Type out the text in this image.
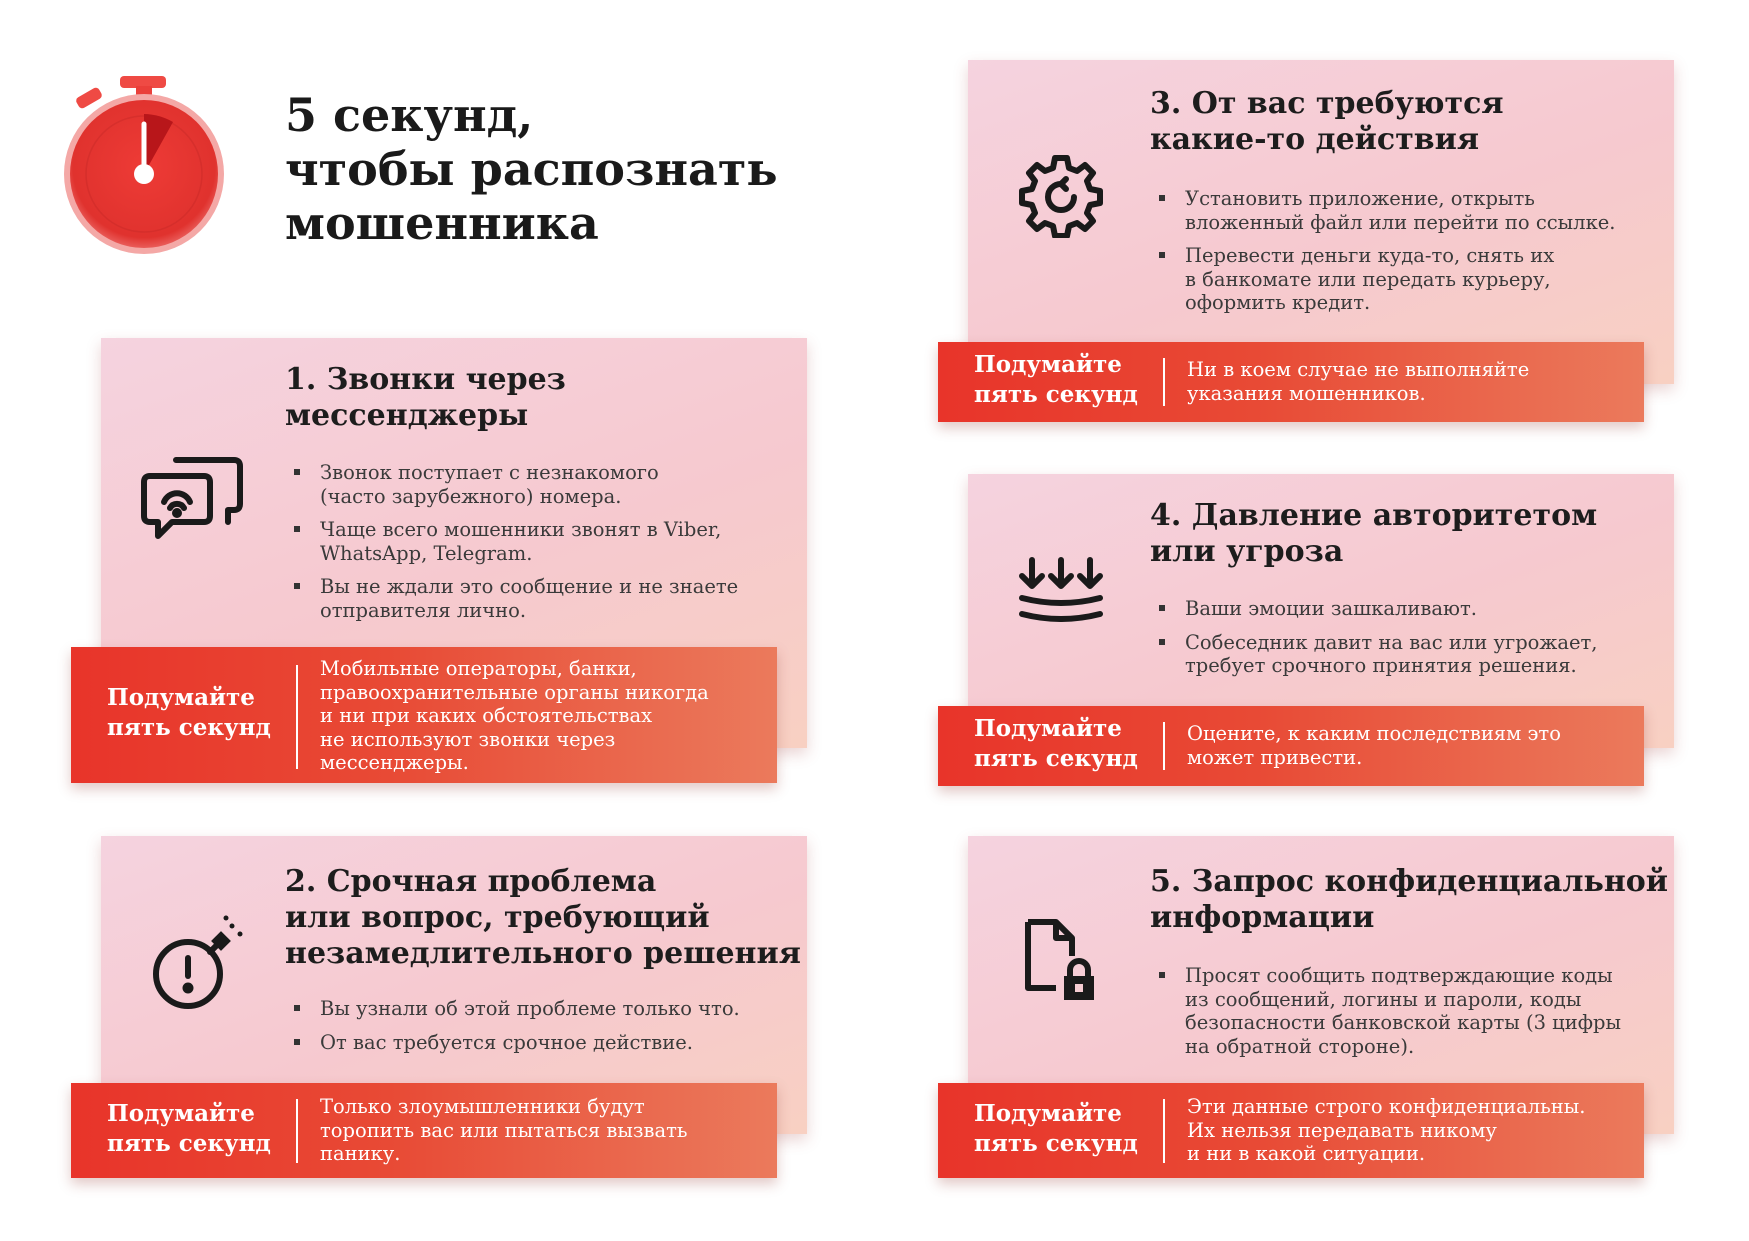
5 секунд,
чтобы распознать
мошенника
1. Звонки через
мессенджеры
Звонок поступает с незнакомого
(часто зарубежного) номера.
Чаще всего мошенники звонят в Viber,
WhatsApp, Telegram.
Вы не ждали это сообщение и не знаете
отправителя лично.
Подумайте
пять секунд
Мобильные операторы, банки,
правоохранительные органы никогда
и ни при каких обстоятельствах
не используют звонки через
мессенджеры.
2. Срочная проблема
или вопрос, требующий
незамедлительного решения
Вы узнали об этой проблеме только что.
От вас требуется срочное действие.
Подумайте
пять секунд
Только злоумышленники будут
торопить вас или пытаться вызвать
панику.
3. От вас требуются
какие-то действия
Установить приложение, открыть
вложенный файл или перейти по ссылке.
Перевести деньги куда-то, снять их
в банкомате или передать курьеру,
оформить кредит.
Подумайте
пять секунд
Ни в коем случае не выполняйте
указания мошенников.
4. Давление авторитетом
или угроза
Ваши эмоции зашкаливают.
Собеседник давит на вас или угрожает,
требует срочного принятия решения.
Подумайте
пять секунд
Оцените, к каким последствиям это
может привести.
5. Запрос конфиденциальной
информации
Просят сообщить подтверждающие коды
из сообщений, логины и пароли, коды
безопасности банковской карты (3 цифры
на обратной стороне).
Подумайте
пять секунд
Эти данные строго конфиденциальны.
Их нельзя передавать никому
и ни в какой ситуации.
